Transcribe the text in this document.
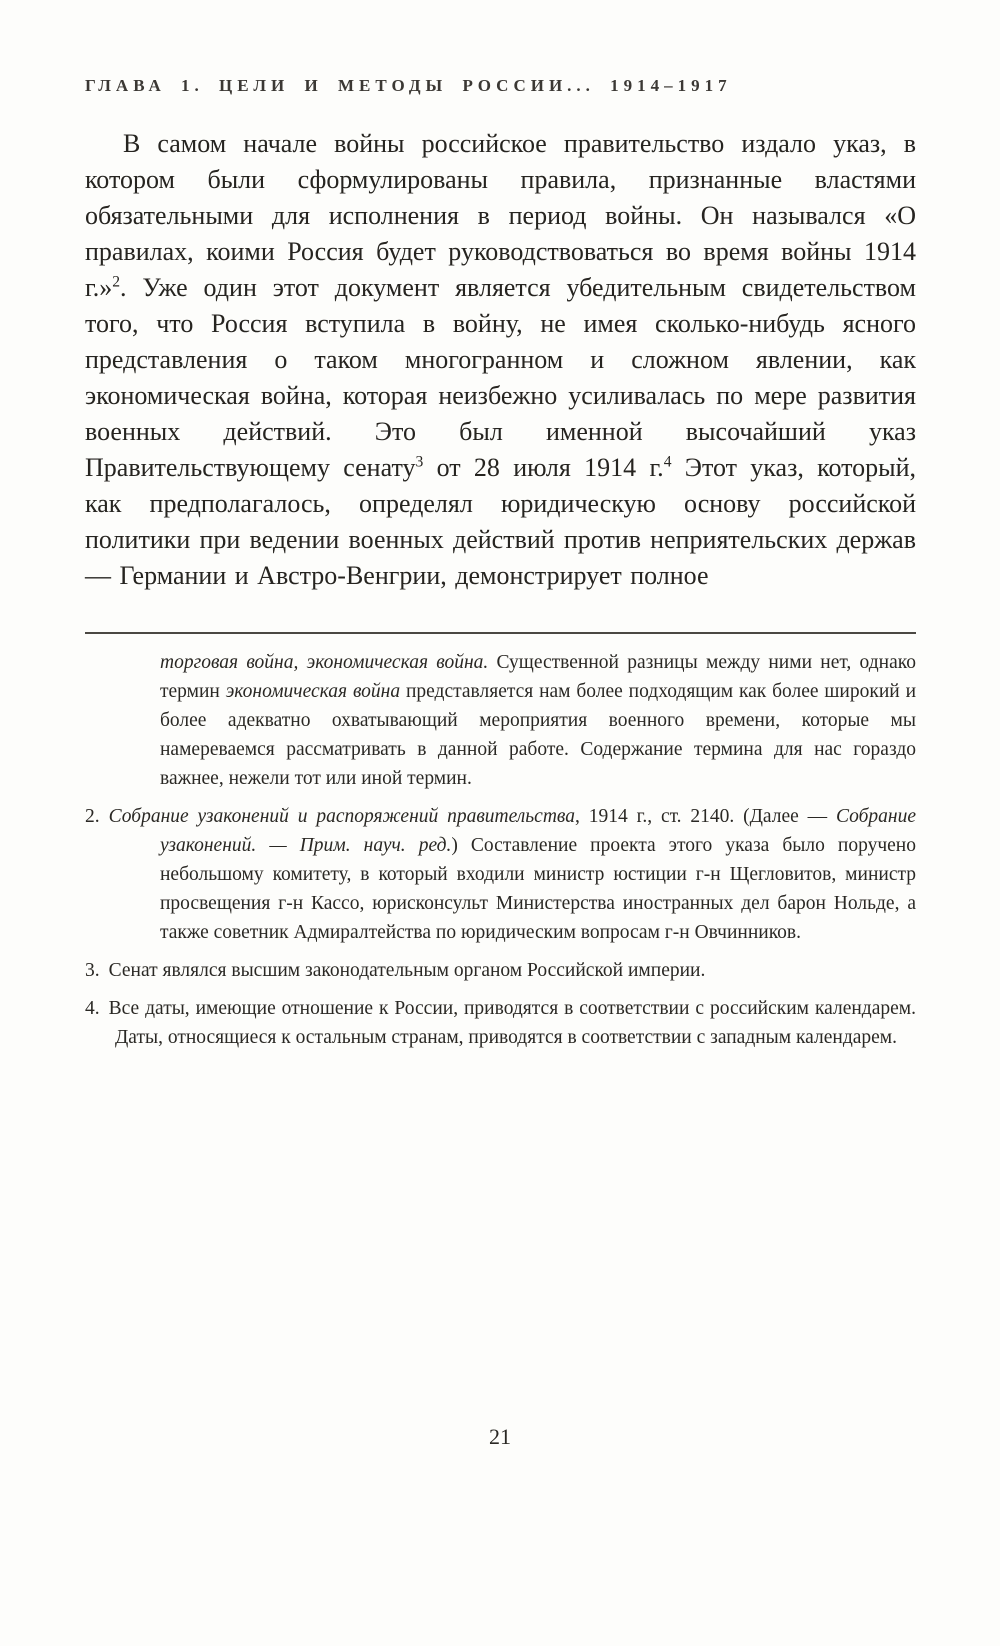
ГЛАВА 1. ЦЕЛИ И МЕТОДЫ РОССИИ... 1914–1917

В самом начале войны российское правительство издало указ, в котором были сформулированы правила, признанные властями обязательными для исполнения в период войны. Он назывался «О правилах, коими Россия будет руководствоваться во время войны 1914 г.»$^2$. Уже один этот документ является убедительным свидетельством того, что Россия вступила в войну, не имея сколько-нибудь ясного представления о таком многогранном и сложном явлении, как экономическая война, которая неизбежно усиливалась по мере развития военных действий. Это был именной высочайший указ Правительствующему сенату$^3$ от 28 июля 1914 г.$^4$ Этот указ, который, как предполагалось, определял юридическую основу российской политики при ведении военных действий против неприятельских держав — Германии и Австро-Венгрии, демонстрирует полное

торговая война, экономическая война. Существенной разницы между ними нет, однако термин экономическая война представляется нам более подходящим как более широкий и более адекватно охватывающий мероприятия военного времени, которые мы намереваемся рассматривать в данной работе. Содержание термина для нас гораздо важнее, нежели тот или иной термин.

2. Собрание узаконений и распоряжений правительства, 1914 г., ст. 2140. (Далее — Собрание узаконений. — Прим. науч. ред.) Составление проекта этого указа было поручено небольшому комитету, в который входили министр юстиции г-н Щегловитов, министр просвещения г-н Кассо, юрисконсульт Министерства иностранных дел барон Нольде, а также советник Адмиралтейства по юридическим вопросам г-н Овчинников.

3. Сенат являлся высшим законодательным органом Российской империи.

4. Все даты, имеющие отношение к России, приводятся в соответствии с российским календарем. Даты, относящиеся к остальным странам, приводятся в соответствии с западным календарем.

21
